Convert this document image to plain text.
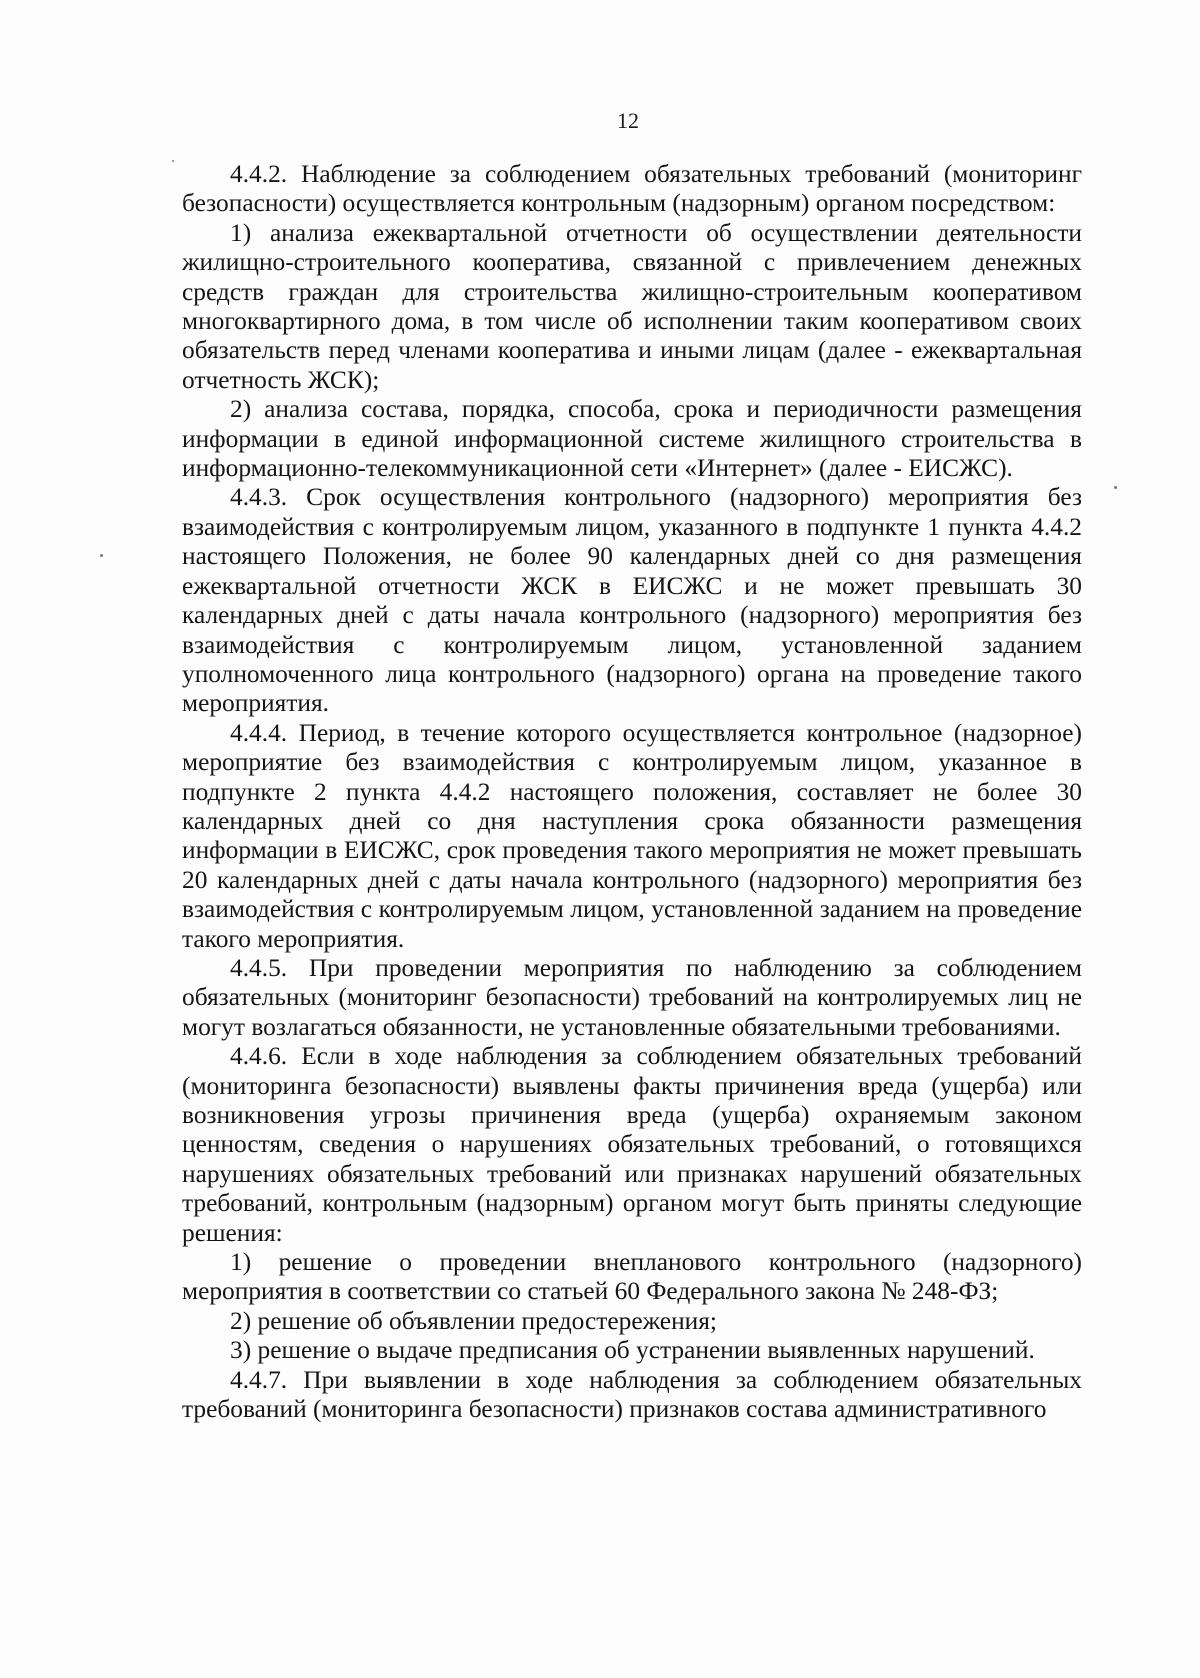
12

4.4.2. Наблюдение за соблюдением обязательных требований (мониторинг безопасности) осуществляется контрольным (надзорным) органом посредством:

1) анализа ежеквартальной отчетности об осуществлении деятельности жилищно-строительного кооператива, связанной с привлечением денежных средств граждан для строительства жилищно-строительным кооперативом многоквартирного дома, в том числе об исполнении таким кооперативом своих обязательств перед членами кооператива и иными лицам (далее - ежеквартальная отчетность ЖСК);

2) анализа состава, порядка, способа, срока и периодичности размещения информации в единой информационной системе жилищного строительства в информационно-телекоммуникационной сети «Интернет» (далее - ЕИСЖС).

4.4.3. Срок осуществления контрольного (надзорного) мероприятия без взаимодействия с контролируемым лицом, указанного в подпункте 1 пункта 4.4.2 настоящего Положения, не более 90 календарных дней со дня размещения ежеквартальной отчетности ЖСК в ЕИСЖС и не может превышать 30 календарных дней с даты начала контрольного (надзорного) мероприятия без взаимодействия с контролируемым лицом, установленной заданием уполномоченного лица контрольного (надзорного) органа на проведение такого мероприятия.

4.4.4. Период, в течение которого осуществляется контрольное (надзорное) мероприятие без взаимодействия с контролируемым лицом, указанное в подпункте 2 пункта 4.4.2 настоящего положения, составляет не более 30 календарных дней со дня наступления срока обязанности размещения информации в ЕИСЖС, срок проведения такого мероприятия не может превышать 20 календарных дней с даты начала контрольного (надзорного) мероприятия без взаимодействия с контролируемым лицом, установленной заданием на проведение такого мероприятия.

4.4.5. При проведении мероприятия по наблюдению за соблюдением обязательных (мониторинг безопасности) требований на контролируемых лиц не могут возлагаться обязанности, не установленные обязательными требованиями.

4.4.6. Если в ходе наблюдения за соблюдением обязательных требований (мониторинга безопасности) выявлены факты причинения вреда (ущерба) или возникновения угрозы причинения вреда (ущерба) охраняемым законом ценностям, сведения о нарушениях обязательных требований, о готовящихся нарушениях обязательных требований или признаках нарушений обязательных требований, контрольным (надзорным) органом могут быть приняты следующие решения:

1) решение о проведении внепланового контрольного (надзорного) мероприятия в соответствии со статьей 60 Федерального закона № 248-ФЗ;

2) решение об объявлении предостережения;

3) решение о выдаче предписания об устранении выявленных нарушений.

4.4.7. При выявлении в ходе наблюдения за соблюдением обязательных требований (мониторинга безопасности) признаков состава административного
